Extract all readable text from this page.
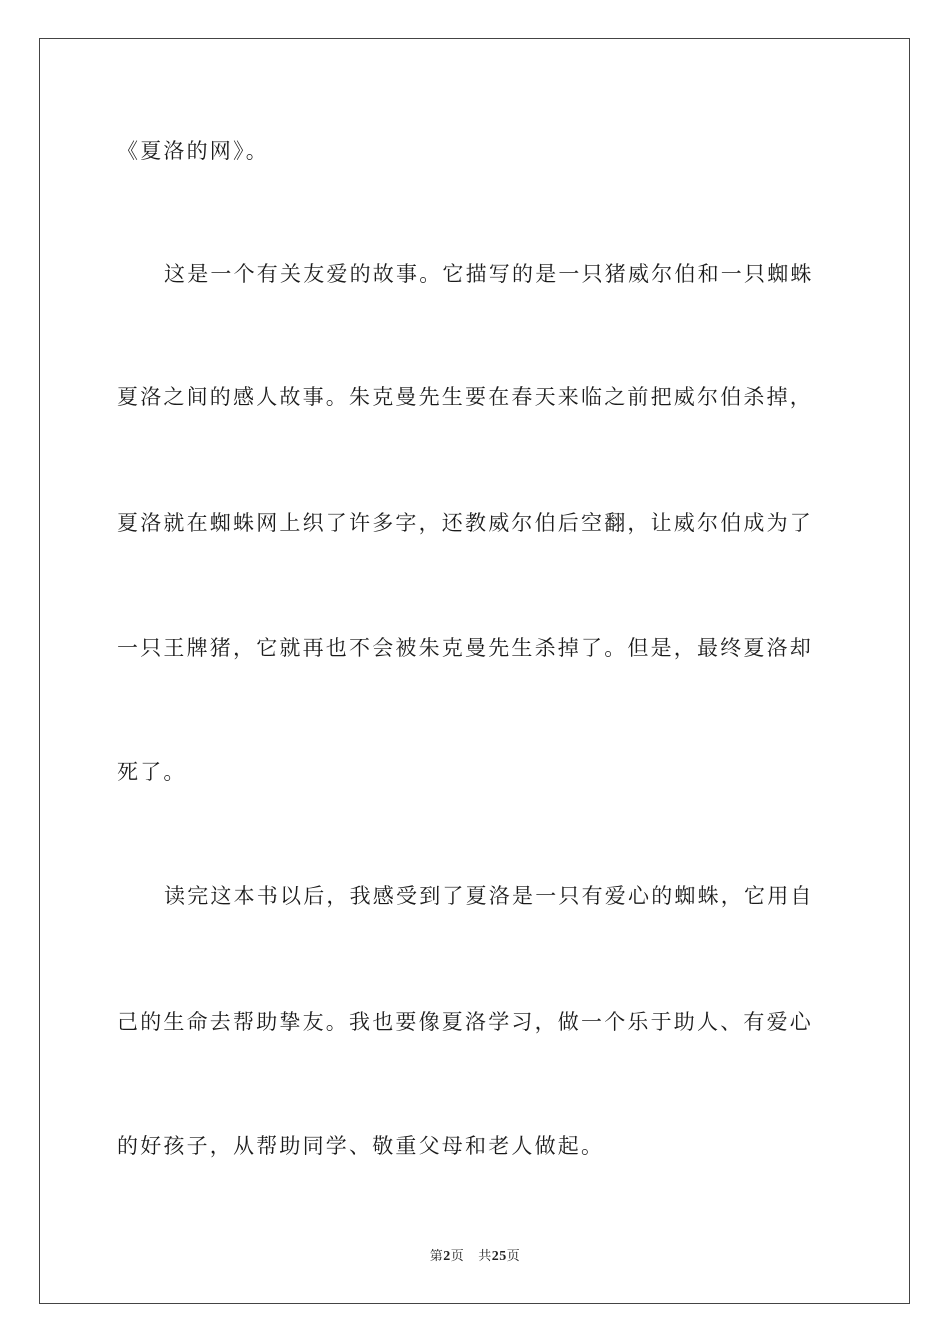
《夏洛的网》。
这是一个有关友爱的故事。它描写的是一只猪威尔伯和一只蜘蛛
夏洛之间的感人故事。朱克曼先生要在春天来临之前把威尔伯杀掉，
夏洛就在蜘蛛网上织了许多字，还教威尔伯后空翻，让威尔伯成为了
一只王牌猪，它就再也不会被朱克曼先生杀掉了。但是，最终夏洛却
死了。
读完这本书以后，我感受到了夏洛是一只有爱心的蜘蛛，它用自
己的生命去帮助挚友。我也要像夏洛学习，做一个乐于助人、有爱心
的好孩子，从帮助同学、敬重父母和老人做起。
第2页 共25页
